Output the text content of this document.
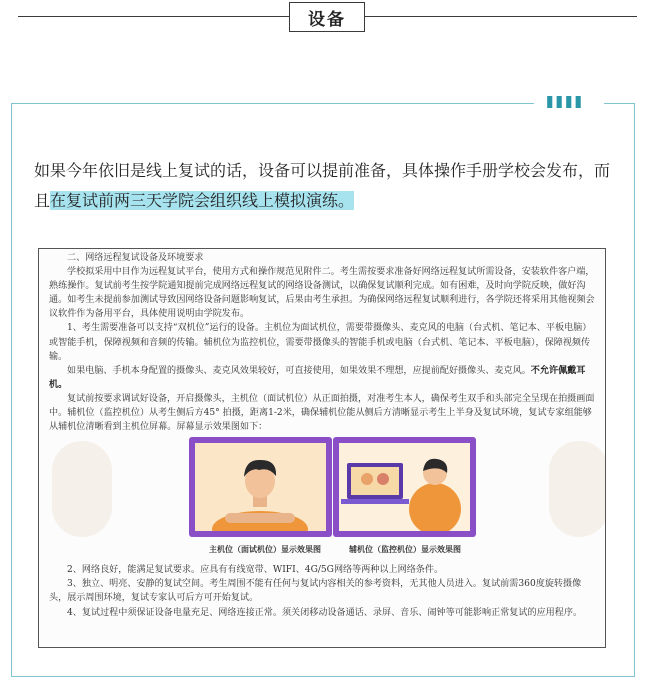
设备
""
如果今年依旧是线上复试的话，设备可以提前准备，具体操作手册学校会发布，而且在复试前两三天学院会组织线上模拟演练。

二、网络远程复试设备及环境要求

学校拟采用中目作为远程复试平台，使用方式和操作规范见附件二。考生需按要求准备好网络远程复试所需设备，安装软件客户端，熟练操作。复试前考生按学院通知提前完成网络远程复试的网络设备测试，以确保复试顺利完成。如有困难，及时向学院反映，做好沟通。如考生未提前参加测试导致因网络设备问题影响复试，后果由考生承担。为确保网络远程复试顺利进行，各学院还将采用其他视频会议软件作为备用平台，具体使用说明由学院发布。

1、考生需要准备可以支持“双机位”运行的设备。主机位为面试机位，需要带摄像头、麦克风的电脑（台式机、笔记本、平板电脑）或智能手机，保障视频和音频的传输。辅机位为监控机位，需要带摄像头的智能手机或电脑（台式机、笔记本、平板电脑），保障视频传输。

如果电脑、手机本身配置的摄像头、麦克风效果较好，可直接使用，如果效果不理想，应提前配好摄像头、麦克风。不允许佩戴耳机。

复试前按要求调试好设备，开启摄像头，主机位（面试机位）从正面拍摄，对准考生本人，确保考生双手和头部完全呈现在拍摄画面中。辅机位（监控机位）从考生侧后方45° 拍摄，距离1-2米，确保辅机位能从侧后方清晰显示考生上半身及复试环境，复试专家组能够从辅机位清晰看到主机位屏幕。屏幕显示效果图如下：

主机位（面试机位）显示效果图	辅机位（监控机位）显示效果图

2、网络良好，能满足复试要求。应具有有线宽带、WIFI、4G/5G网络等两种以上网络条件。

3、独立、明亮、安静的复试空间。考生周围不能有任何与复试内容相关的参考资料，无其他人员进入。复试前需360度旋转摄像头，展示周围环境，复试专家认可后方可开始复试。

4、复试过程中须保证设备电量充足、网络连接正常。须关闭移动设备通话、录屏、音乐、闹钟等可能影响正常复试的应用程序。
